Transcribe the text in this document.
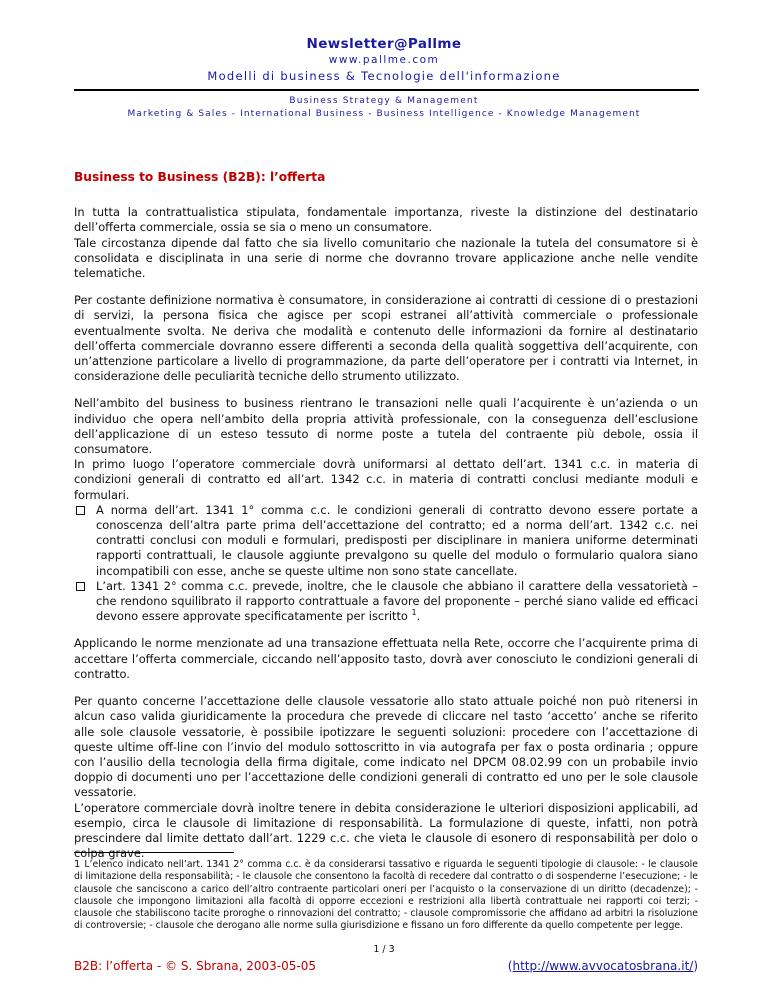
Newsletter@Pallme
www.pallme.com
Modelli di business & Tecnologie dell'informazione
Business Strategy & Management
Marketing & Sales - International Business - Business Intelligence - Knowledge Management
Business to Business (B2B): l’offerta

In tutta la contrattualistica stipulata, fondamentale importanza, riveste la distinzione del destinatario dell’offerta commerciale, ossia se sia o meno un consumatore.

Tale circostanza dipende dal fatto che sia livello comunitario che nazionale la tutela del consumatore si è consolidata e disciplinata in una serie di norme che dovranno trovare applicazione anche nelle vendite telematiche.

Per costante definizione normativa è consumatore, in considerazione ai contratti di cessione di o prestazioni di servizi, la persona fisica che agisce per scopi estranei all’attività commerciale o professionale eventualmente svolta. Ne deriva che modalità e contenuto delle informazioni da fornire al destinatario dell’offerta commerciale dovranno essere differenti a seconda della qualità soggettiva dell’acquirente, con un’attenzione particolare a livello di programmazione, da parte dell’operatore per i contratti via Internet, in considerazione delle peculiarità tecniche dello strumento utilizzato.

Nell’ambito del business to business rientrano le transazioni nelle quali l’acquirente è un’azienda o un individuo che opera nell’ambito della propria attività professionale, con la conseguenza dell’esclusione dell’applicazione di un esteso tessuto di norme poste a tutela del contraente più debole, ossia il consumatore.

In primo luogo l’operatore commerciale dovrà uniformarsi al dettato dell’art. 1341 c.c. in materia di condizioni generali di contratto ed all’art. 1342 c.c. in materia di contratti conclusi mediante moduli e formulari.

A norma dell’art. 1341 1° comma c.c. le condizioni generali di contratto devono essere portate a conoscenza dell’altra parte prima dell’accettazione del contratto; ed a norma dell’art. 1342 c.c. nei contratti conclusi con moduli e formulari, predisposti per disciplinare in maniera uniforme determinati rapporti contrattuali, le clausole aggiunte prevalgono su quelle del modulo o formulario qualora siano incompatibili con esse, anche se queste ultime non sono state cancellate.
L’art. 1341 2° comma c.c. prevede, inoltre, che le clausole che abbiano il carattere della vessatorietà – che rendono squilibrato il rapporto contrattuale a favore del proponente – perché siano valide ed efficaci devono essere approvate specificatamente per iscritto $^1$.

Applicando le norme menzionate ad una transazione effettuata nella Rete, occorre che l’acquirente prima di accettare l’offerta commerciale, ciccando nell’apposito tasto, dovrà aver conosciuto le condizioni generali di contratto.

Per quanto concerne l’accettazione delle clausole vessatorie allo stato attuale poiché non può ritenersi in alcun caso valida giuridicamente la procedura che prevede di cliccare nel tasto ‘accetto’ anche se riferito alle sole clausole vessatorie, è possibile ipotizzare le seguenti soluzioni: procedere con l’accettazione di queste ultime off-line con l’invio del modulo sottoscritto in via autografa per fax o posta ordinaria ; oppure con l’ausilio della tecnologia della firma digitale, come indicato nel DPCM 08.02.99 con un probabile invio doppio di documenti uno per l’accettazione delle condizioni generali di contratto ed uno per le sole clausole vessatorie.

L’operatore commerciale dovrà inoltre tenere in debita considerazione le ulteriori disposizioni applicabili, ad esempio, circa le clausole di limitazione di responsabilità. La formulazione di queste, infatti, non potrà prescindere dal limite dettato dall’art. 1229 c.c. che vieta le clausole di esonero di responsabilità per dolo o colpa grave.

1 L’elenco indicato nell’art. 1341 2° comma c.c. è da considerarsi tassativo e riguarda le seguenti tipologie di clausole: - le clausole di limitazione della responsabilità; - le clausole che consentono la facoltà di recedere dal contratto o di sospenderne l’esecuzione; - le clausole che sanciscono a carico dell’altro contraente particolari oneri per l’acquisto o la conservazione di un diritto (decadenze); - clausole che impongono limitazioni alla facoltà di opporre eccezioni e restrizioni alla libertà contrattuale nei rapporti coi terzi; - clausole che stabiliscono tacite proroghe o rinnovazioni del contratto; - clausole compromissorie che affidano ad arbitri la risoluzione di controversie; - clausole che derogano alle norme sulla giurisdizione e fissano un foro differente da quello competente per legge.
1 / 3
B2B: l’offerta - © S. Sbrana, 2003-05-05	(http://www.avvocatosbrana.it/)
